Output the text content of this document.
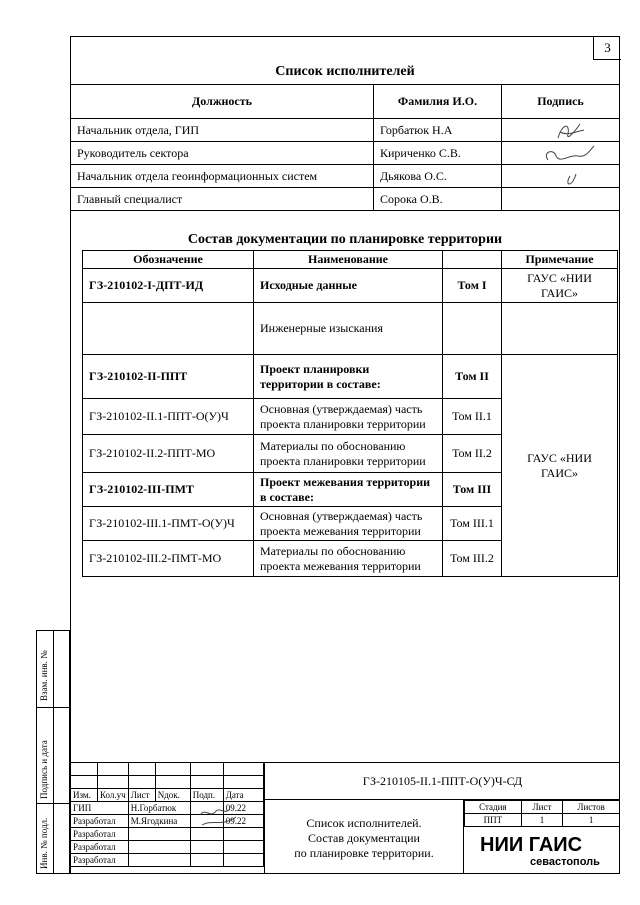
3
Список исполнителей
Должность	Фамилия И.О.	Подпись
Начальник отдела, ГИП	Горбатюк Н.А	
Руководитель сектора	Кириченко С.В.	
Начальник отдела геоинформационных систем	Дьякова О.С.	
Главный специалист	Сорока О.В.	
Состав документации по планировке территории
Обозначение	Наименование		Примечание
ГЗ-210102-I-ДПТ-ИД	Исходные данные	Том I	ГАУС «НИИ ГАИС»
	Инженерные изыскания		
ГЗ-210102-II-ППТ	Проект планировки территории в составе:	Том II	ГАУС «НИИ ГАИС»
ГЗ-210102-II.1-ППТ-О(У)Ч	Основная (утверждаемая) часть проекта планировки территории	Том II.1	
ГЗ-210102-II.2-ППТ-МО	Материалы по обоснованию проекта планировки территории	Том II.2	
ГЗ-210102-III-ПМТ	Проект межевания территории в составе:	Том III	
ГЗ-210102-III.1-ПМТ-О(У)Ч	Основная (утверждаемая) часть проекта межевания территории	Том III.1	
ГЗ-210102-III.2-ПМТ-МО	Материалы по обоснованию проекта межевания территории	Том III.2	
Взам. инв. №
Подпись и дата
Инв. № подл.

Изм.	Кол.уч	Лист	Nдок.	Подп.	Дата
ГИП		Н.Горбатюк			09.22
Разработал		М.Ягодкина			09.22
Разработал					
Разработал					
Разработал					
ГЗ-210105-II.1-ППТ-О(У)Ч-СД
Список исполнителей.
Состав документации
по планировке территории.
Стадия	Лист	Листов
ППТ	1	1
НИИ ГАИС
севастополь
